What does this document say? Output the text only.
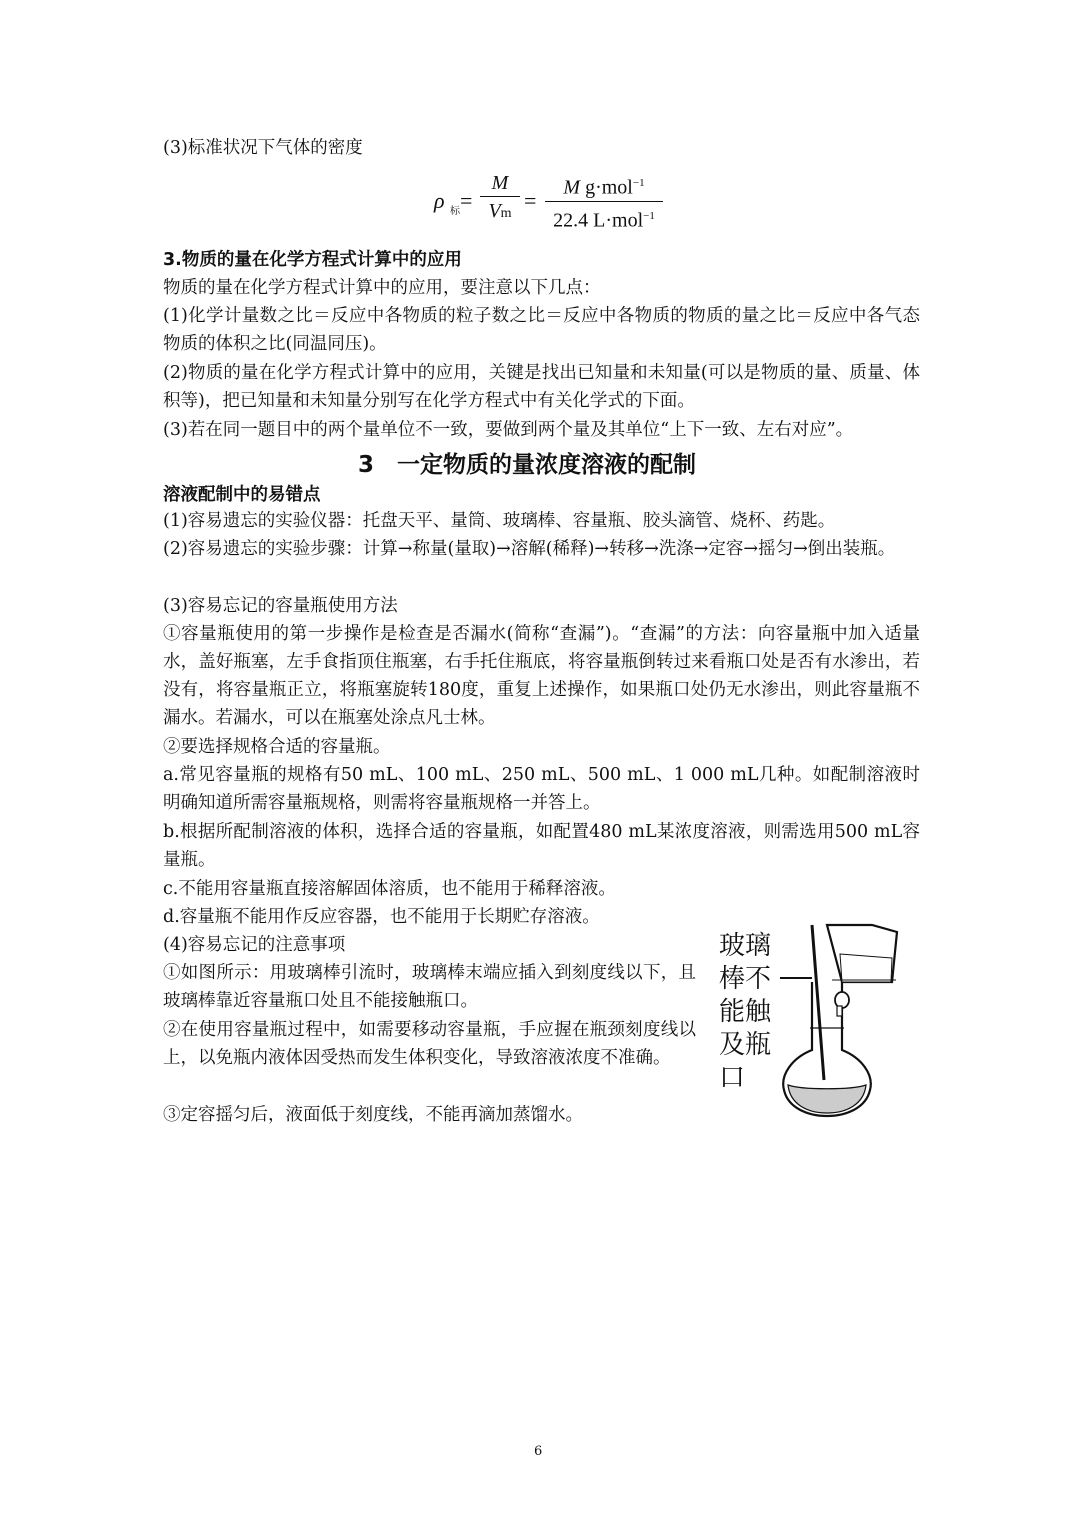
(3)标准状况下气体的密度
ρ 标 =
M
Vm
=
M g·mol$^{-1}$
22.4 L·mol$^{-1}$
3.物质的量在化学方程式计算中的应用
物质的量在化学方程式计算中的应用，要注意以下几点：
(1)化学计量数之比＝反应中各物质的粒子数之比＝反应中各物质的物质的量之比＝反应中各气态物质的体积之比(同温同压)。
(2)物质的量在化学方程式计算中的应用，关键是找出已知量和未知量(可以是物质的量、质量、体积等)，把已知量和未知量分别写在化学方程式中有关化学式的下面。
(3)若在同一题目中的两个量单位不一致，要做到两个量及其单位“上下一致、左右对应”。
3　一定物质的量浓度溶液的配制
溶液配制中的易错点
(1)容易遗忘的实验仪器：托盘天平、量筒、玻璃棒、容量瓶、胶头滴管、烧杯、药匙。
(2)容易遗忘的实验步骤：计算→称量(量取)→溶解(稀释)→转移→洗涤→定容→摇匀→倒出装瓶。
(3)容易忘记的容量瓶使用方法
①容量瓶使用的第一步操作是检查是否漏水(简称“查漏”)。“查漏”的方法：向容量瓶中加入适量水，盖好瓶塞，左手食指顶住瓶塞，右手托住瓶底，将容量瓶倒转过来看瓶口处是否有水渗出，若没有，将容量瓶正立，将瓶塞旋转180度，重复上述操作，如果瓶口处仍无水渗出，则此容量瓶不漏水。若漏水，可以在瓶塞处涂点凡士林。
②要选择规格合适的容量瓶。
a.常见容量瓶的规格有50 mL、100 mL、250 mL、500 mL、1 000 mL几种。如配制溶液时明确知道所需容量瓶规格，则需将容量瓶规格一并答上。
b.根据所配制溶液的体积，选择合适的容量瓶，如配置480 mL某浓度溶液，则需选用500 mL容量瓶。
c.不能用容量瓶直接溶解固体溶质，也不能用于稀释溶液。
d.容量瓶不能用作反应容器，也不能用于长期贮存溶液。
(4)容易忘记的注意事项
①如图所示：用玻璃棒引流时，玻璃棒末端应插入到刻度线以下，且玻璃棒靠近容量瓶口处且不能接触瓶口。
②在使用容量瓶过程中，如需要移动容量瓶，手应握在瓶颈刻度线以上，以免瓶内液体因受热而发生体积变化，导致溶液浓度不准确。
③定容摇匀后，液面低于刻度线，不能再滴加蒸馏水。
玻璃棒不能触及瓶口
6
